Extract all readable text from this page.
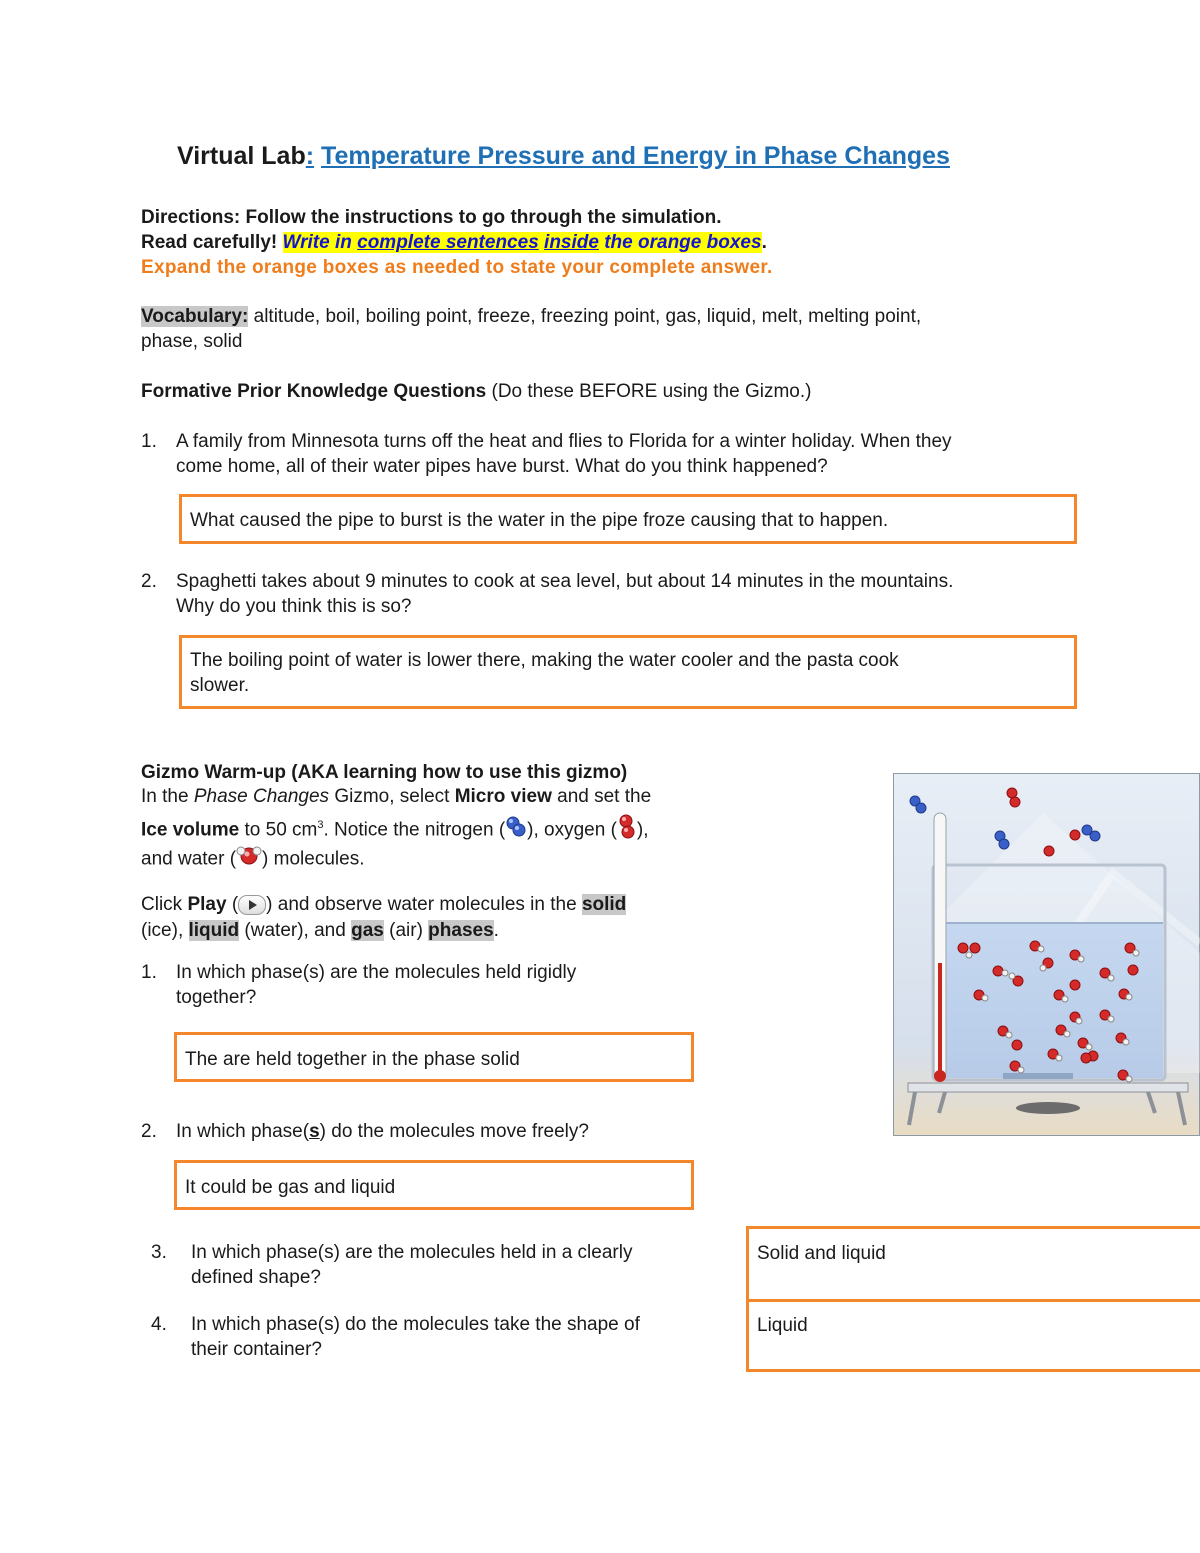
Virtual Lab: Temperature Pressure and Energy in Phase Changes
Directions: Follow the instructions to go through the simulation.
Read carefully! Write in complete sentences inside the orange boxes.
Expand the orange boxes as needed to state your complete answer.
Vocabulary: altitude, boil, boiling point, freeze, freezing point, gas, liquid, melt, melting point,
phase, solid
Formative Prior Knowledge Questions (Do these BEFORE using the Gizmo.)
1. A family from Minnesota turns off the heat and flies to Florida for a winter holiday. When they
come home, all of their water pipes have burst. What do you think happened?
What caused the pipe to burst is the water in the pipe froze causing that to happen.
2. Spaghetti takes about 9 minutes to cook at sea level, but about 14 minutes in the mountains.
Why do you think this is so?
The boiling point of water is lower there, making the water cooler and the pasta cook
slower.
Gizmo Warm-up (AKA learning how to use this gizmo)
In the Phase Changes Gizmo, select Micro view and set the
Ice volume to 50 $cm^3$. Notice the nitrogen ( ), oxygen ( ),
and water ( ) molecules.
Click Play ( ) and observe water molecules in the solid
(ice), liquid (water), and gas (air) phases.
1. In which phase(s) are the molecules held rigidly
together?
The are held together in the phase solid
2. In which phase(s) do the molecules move freely?
It could be gas and liquid
3. In which phase(s) are the molecules held in a clearly
defined shape?
4. In which phase(s) do the molecules take the shape of
their container?
Solid and liquid
Liquid
